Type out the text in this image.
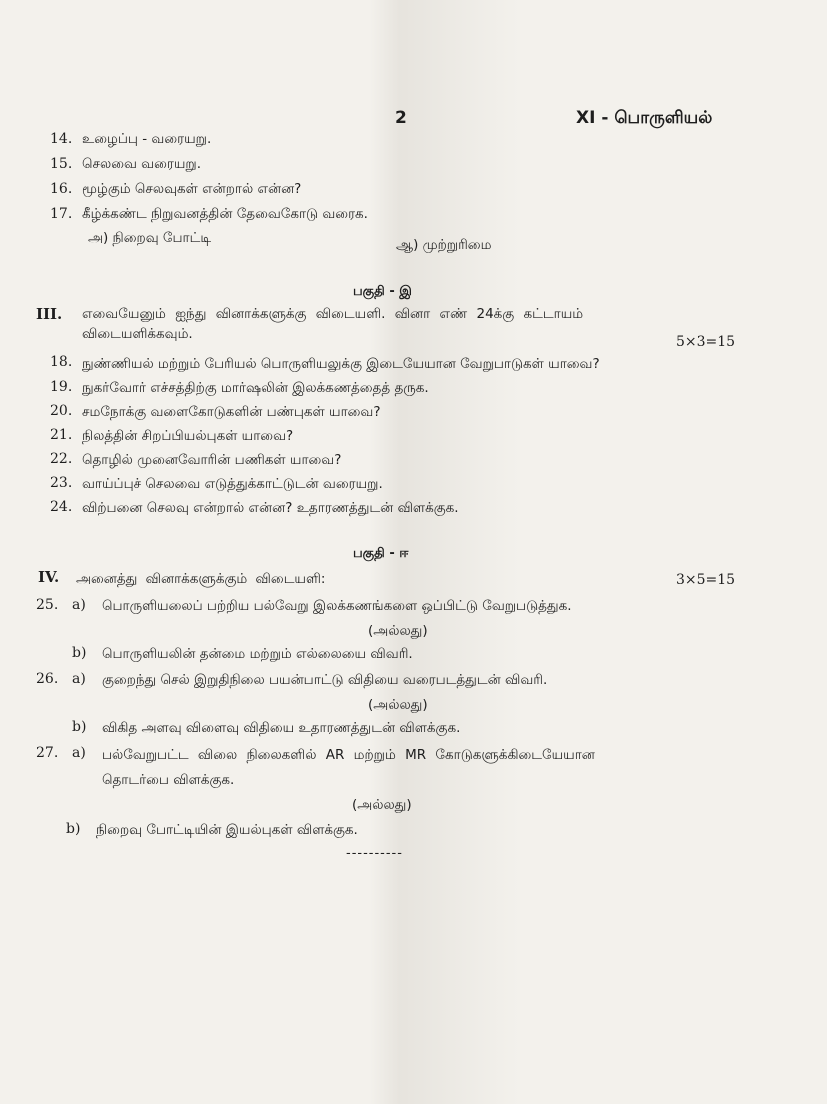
2	XI - பொருளியல்
14. உழைப்பு - வரையறு.
15. செலவை வரையறு.
16. மூழ்கும் செலவுகள் என்றால் என்ன?
17. கீழ்க்கண்ட நிறுவனத்தின் தேவைகோடு வரைக.
அ) நிறைவு போட்டி	ஆ) முற்றுரிமை
பகுதி - இ
III. எவையேனும் ஐந்து வினாக்களுக்கு விடையளி. வினா எண் 24க்கு கட்டாயம்
விடையளிக்கவும்.	5×3=15
18. நுண்ணியல் மற்றும் பேரியல் பொருளியலுக்கு இடையேயான வேறுபாடுகள் யாவை?
19. நுகர்வோர் எச்சத்திற்கு மார்ஷலின் இலக்கணத்தைத் தருக.
20. சமநோக்கு வளைகோடுகளின் பண்புகள் யாவை?
21. நிலத்தின் சிறப்பியல்புகள் யாவை?
22. தொழில் முனைவோரின் பணிகள் யாவை?
23. வாய்ப்புச் செலவை எடுத்துக்காட்டுடன் வரையறு.
24. விற்பனை செலவு என்றால் என்ன? உதாரணத்துடன் விளக்குக.
பகுதி - ஈ
IV. அனைத்து வினாக்களுக்கும் விடையளி:	3×5=15
25. a) பொருளியலைப் பற்றிய பல்வேறு இலக்கணங்களை ஒப்பிட்டு வேறுபடுத்துக.
(அல்லது)
b) பொருளியலின் தன்மை மற்றும் எல்லையை விவரி.
26. a) குறைந்து செல் இறுதிநிலை பயன்பாட்டு விதியை வரைபடத்துடன் விவரி.
(அல்லது)
b) விகித அளவு விளைவு விதியை உதாரணத்துடன் விளக்குக.
27. a) பல்வேறுபட்ட விலை நிலைகளில் AR மற்றும் MR கோடுகளுக்கிடையேயான
தொடர்பை விளக்குக.
(அல்லது)
b) நிறைவு போட்டியின் இயல்புகள் விளக்குக.
----------
